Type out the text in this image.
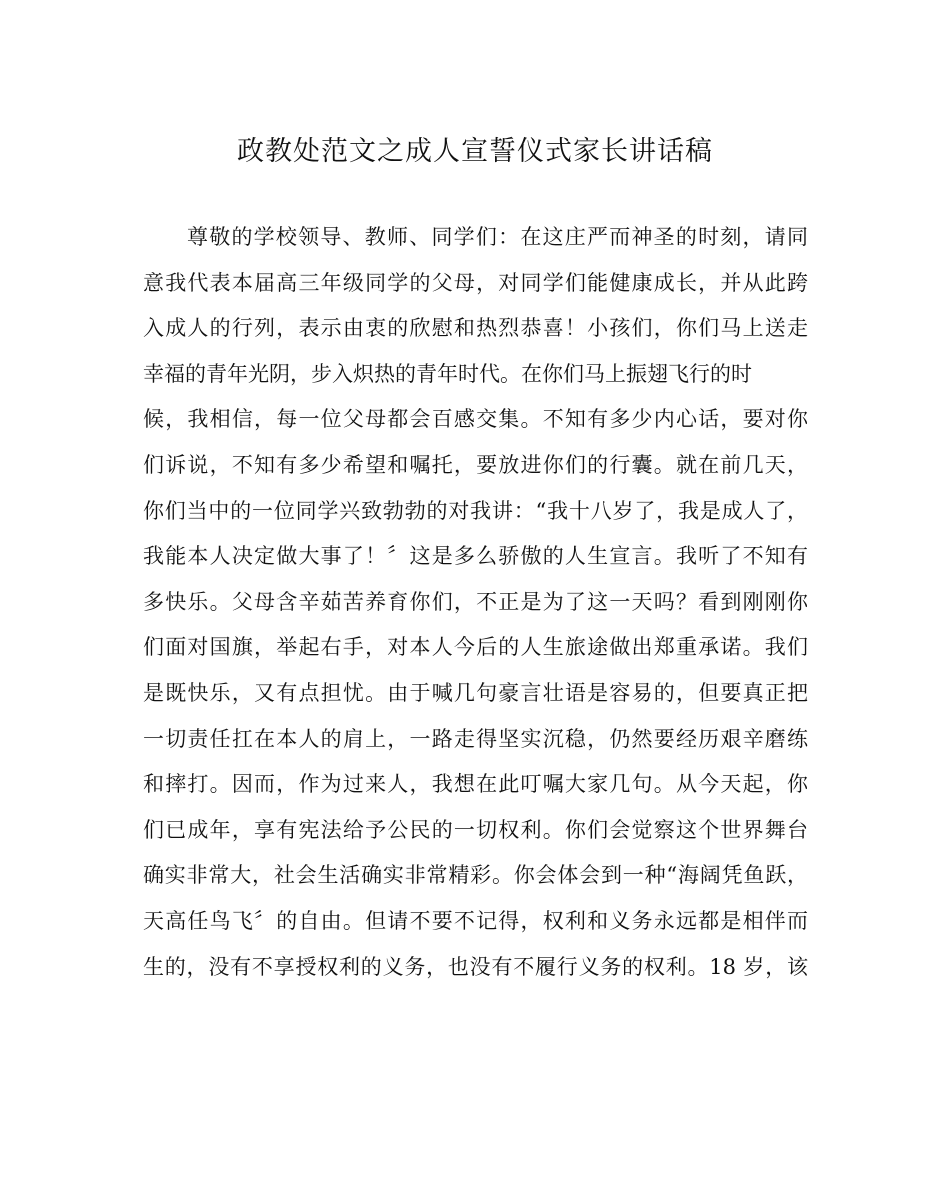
政教处范文之成人宣誓仪式家长讲话稿
尊敬的学校领导、教师、同学们：在这庄严而神圣的时刻，请同
意我代表本届高三年级同学的父母，对同学们能健康成长，并从此跨
入成人的行列，表示由衷的欣慰和热烈恭喜！小孩们，你们马上送走
幸福的青年光阴，步入炽热的青年时代。在你们马上振翅飞行的时
候，我相信，每一位父母都会百感交集。不知有多少内心话，要对你
们诉说，不知有多少希望和嘱托，要放进你们的行囊。就在前几天，
你们当中的一位同学兴致勃勃的对我讲：“我十八岁了，我是成人了，
我能本人决定做大事了！〞这是多么骄傲的人生宣言。我听了不知有
多快乐。父母含辛茹苦养育你们，不正是为了这一天吗？看到刚刚你
们面对国旗，举起右手，对本人今后的人生旅途做出郑重承诺。我们
是既快乐，又有点担忧。由于喊几句豪言壮语是容易的，但要真正把
一切责任扛在本人的肩上，一路走得坚实沉稳，仍然要经历艰辛磨练
和摔打。因而，作为过来人，我想在此叮嘱大家几句。从今天起，你
们已成年，享有宪法给予公民的一切权利。你们会觉察这个世界舞台
确实非常大，社会生活确实非常精彩。你会体会到一种“海阔凭鱼跃，
天高任鸟飞〞的自由。但请不要不记得，权利和义务永远都是相伴而
生的，没有不享授权利的义务，也没有不履行义务的权利。18 岁，该
